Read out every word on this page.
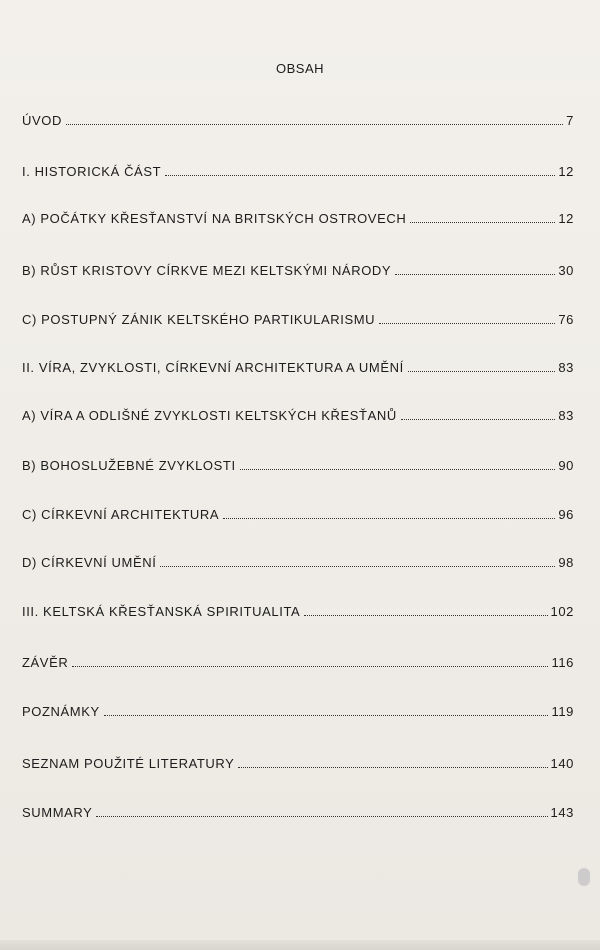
OBSAH
ÚVOD	7
I. HISTORICKÁ ČÁST	12
A) POČÁTKY KŘESŤANSTVÍ NA BRITSKÝCH OSTROVECH	12
B) RŮST KRISTOVY CÍRKVE MEZI KELTSKÝMI NÁRODY	30
C) POSTUPNÝ ZÁNIK KELTSKÉHO PARTIKULARISMU	76
II. VÍRA, ZVYKLOSTI, CÍRKEVNÍ ARCHITEKTURA A UMĚNÍ	83
A) VÍRA A ODLIŠNÉ ZVYKLOSTI KELTSKÝCH KŘESŤANŮ	83
B) BOHOSLUŽEBNÉ ZVYKLOSTI	90
C) CÍRKEVNÍ ARCHITEKTURA	96
D) CÍRKEVNÍ UMĚNÍ	98
III. KELTSKÁ KŘESŤANSKÁ SPIRITUALITA	102
ZÁVĚR	116
POZNÁMKY	119
SEZNAM POUŽITÉ LITERATURY	140
SUMMARY	143
